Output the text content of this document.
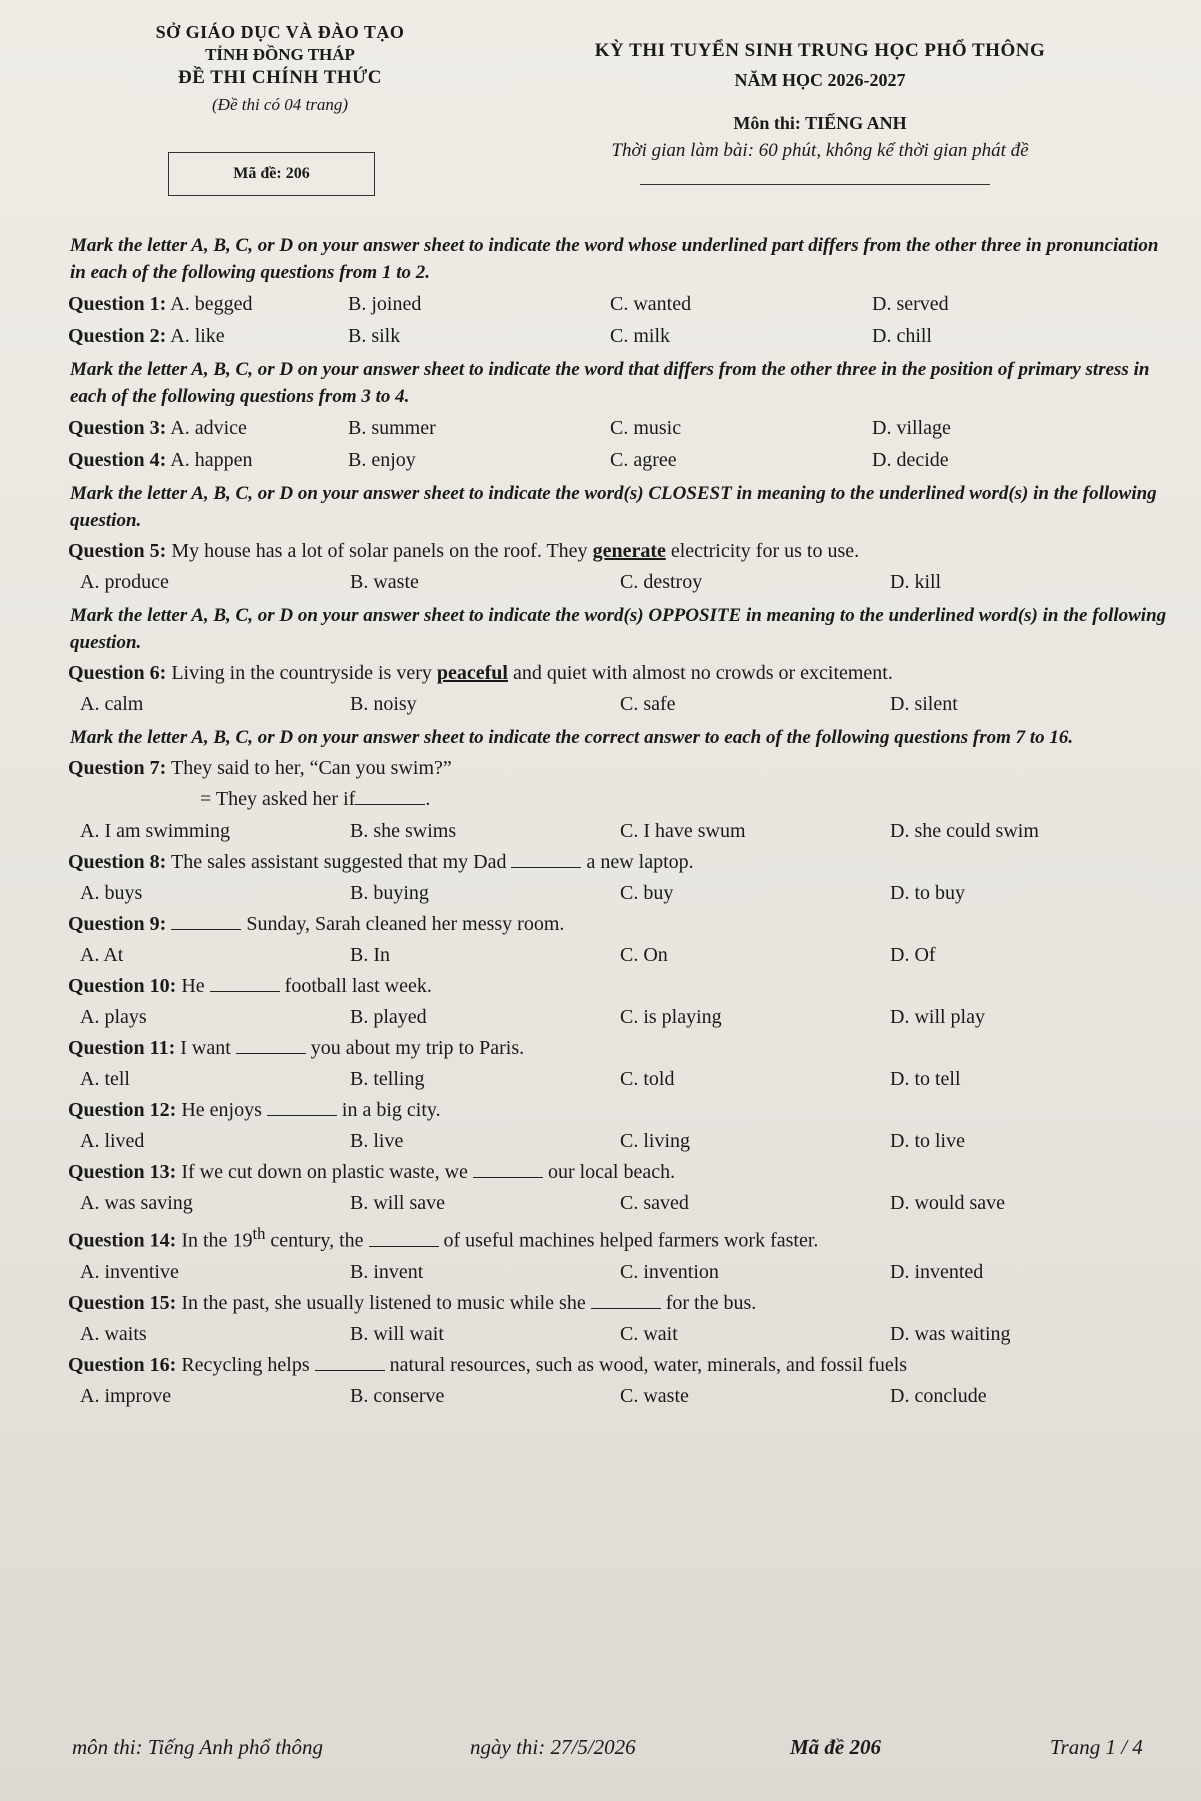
SỞ GIÁO DỤC VÀ ĐÀO TẠO
TỈNH ĐỒNG THÁP
ĐỀ THI CHÍNH THỨC
(Đề thi có 04 trang)
Mã đề: 206
KỲ THI TUYỂN SINH TRUNG HỌC PHỔ THÔNG
NĂM HỌC 2026-2027
Môn thi: TIẾNG ANH
Thời gian làm bài: 60 phút, không kể thời gian phát đề
Mark the letter A, B, C, or D on your answer sheet to indicate the word whose underlined part differs from the other three in pronunciation in each of the following questions from 1 to 2.
Question 1: A. begged	B. joined	C. wanted	D. served
Question 2: A. like	B. silk	C. milk	D. chill
Mark the letter A, B, C, or D on your answer sheet to indicate the word that differs from the other three in the position of primary stress in each of the following questions from 3 to 4.
Question 3: A. advice	B. summer	C. music	D. village
Question 4: A. happen	B. enjoy	C. agree	D. decide
Mark the letter A, B, C, or D on your answer sheet to indicate the word(s) CLOSEST in meaning to the underlined word(s) in the following question.
Question 5: My house has a lot of solar panels on the roof. They generate electricity for us to use.
A. produce	B. waste	C. destroy	D. kill
Mark the letter A, B, C, or D on your answer sheet to indicate the word(s) OPPOSITE in meaning to the underlined word(s) in the following question.
Question 6: Living in the countryside is very peaceful and quiet with almost no crowds or excitement.
A. calm	B. noisy	C. safe	D. silent
Mark the letter A, B, C, or D on your answer sheet to indicate the correct answer to each of the following questions from 7 to 16.
Question 7: They said to her, “Can you swim?”
= They asked her if	.
A. I am swimming	B. she swims	C. I have swum	D. she could swim
Question 8: The sales assistant suggested that my Dad	a new laptop.
A. buys	B. buying	C. buy	D. to buy
Question 9:	Sunday, Sarah cleaned her messy room.
A. At	B. In	C. On	D. Of
Question 10: He	football last week.
A. plays	B. played	C. is playing	D. will play
Question 11: I want	you about my trip to Paris.
A. tell	B. telling	C. told	D. to tell
Question 12: He enjoys	in a big city.
A. lived	B. live	C. living	D. to live
Question 13: If we cut down on plastic waste, we	our local beach.
A. was saving	B. will save	C. saved	D. would save
Question 14: In the 19th century, the	of useful machines helped farmers work faster.
A. inventive	B. invent	C. invention	D. invented
Question 15: In the past, she usually listened to music while she	for the bus.
A. waits	B. will wait	C. wait	D. was waiting
Question 16: Recycling helps	natural resources, such as wood, water, minerals, and fossil fuels
A. improve	B. conserve	C. waste	D. conclude
môn thi: Tiếng Anh phổ thông	ngày thi: 27/5/2026	Mã đề 206	Trang 1 / 4
